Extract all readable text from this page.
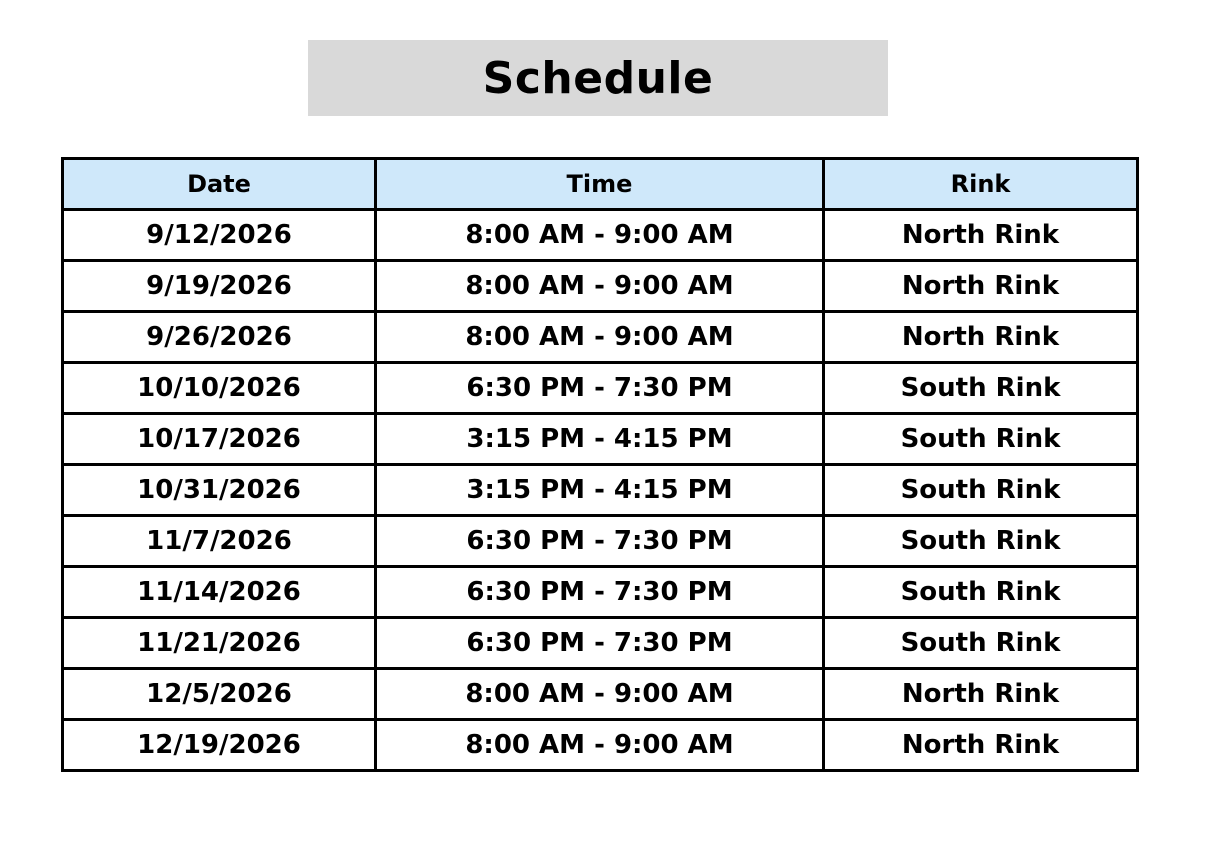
Schedule
Date	Time	Rink
9/12/2026	8:00 AM - 9:00 AM	North Rink
9/19/2026	8:00 AM - 9:00 AM	North Rink
9/26/2026	8:00 AM - 9:00 AM	North Rink
10/10/2026	6:30 PM - 7:30 PM	South Rink
10/17/2026	3:15 PM - 4:15 PM	South Rink
10/31/2026	3:15 PM - 4:15 PM	South Rink
11/7/2026	6:30 PM - 7:30 PM	South Rink
11/14/2026	6:30 PM - 7:30 PM	South Rink
11/21/2026	6:30 PM - 7:30 PM	South Rink
12/5/2026	8:00 AM - 9:00 AM	North Rink
12/19/2026	8:00 AM - 9:00 AM	North Rink
